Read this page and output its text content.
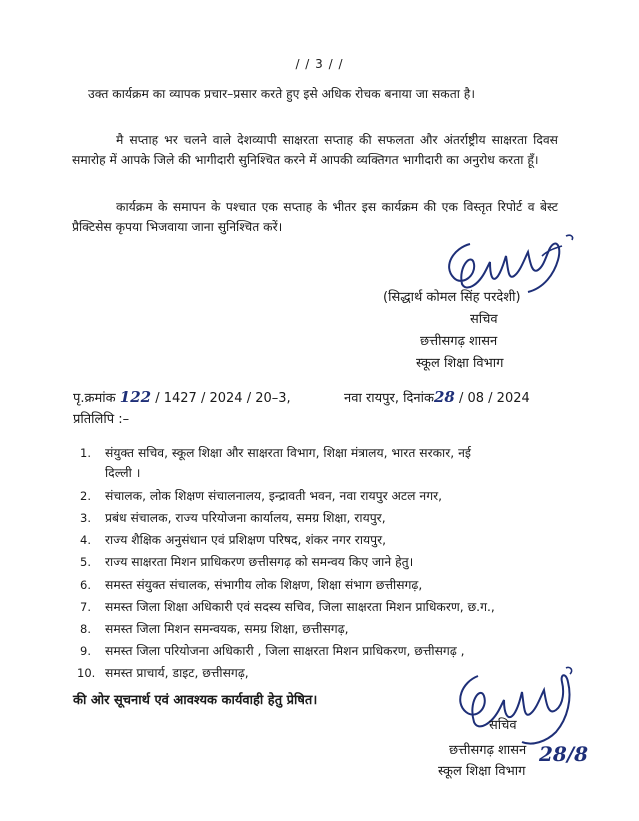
/ / 3 / /
उक्त कार्यक्रम का व्यापक प्रचार–प्रसार करते हुए इसे अधिक रोचक बनाया जा सकता है।
मै सप्ताह भर चलने वाले देशव्यापी साक्षरता सप्ताह की सफलता और अंतर्राष्ट्रीय साक्षरता दिवस समारोह में आपके जिले की भागीदारी सुनिश्चित करने में आपकी व्यक्तिगत भागीदारी का अनुरोध करता हूँ।
कार्यक्रम के समापन के पश्चात एक सप्ताह के भीतर इस कार्यक्रम की एक विस्तृत रिपोर्ट व बेस्ट प्रैक्टिसेस कृपया भिजवाया जाना सुनिश्चित करें।
(सिद्धार्थ कोमल सिंह परदेशी)
सचिव
छत्तीसगढ़ शासन
स्कूल शिक्षा विभाग
पृ.क्रमांक 122 / 1427 / 2024 / 20–3,	नवा रायपुर, दिनांक28 / 08 / 2024
प्रतिलिपि :–
1. संयुक्त सचिव, स्कूल शिक्षा और साक्षरता विभाग, शिक्षा मंत्रालय, भारत सरकार, नई
दिल्ली ।
2. संचालक, लोक शिक्षण संचालनालय, इन्द्रावती भवन, नवा रायपुर अटल नगर,
3. प्रबंध संचालक, राज्य परियोजना कार्यालय, समग्र शिक्षा, रायपुर,
4. राज्य शैक्षिक अनुसंधान एवं प्रशिक्षण परिषद, शंकर नगर रायपुर,
5. राज्य साक्षरता मिशन प्राधिकरण छत्तीसगढ़ को समन्वय किए जाने हेतु।
6. समस्त संयुक्त संचालक, संभागीय लोक शिक्षण, शिक्षा संभाग छत्तीसगढ़,
7. समस्त जिला शिक्षा अधिकारी एवं सदस्य सचिव, जिला साक्षरता मिशन प्राधिकरण, छ.ग.,
8. समस्त जिला मिशन समन्वयक, समग्र शिक्षा, छत्तीसगढ़,
9. समस्त जिला परियोजना अधिकारी , जिला साक्षरता मिशन प्राधिकरण, छत्तीसगढ़ ,
10. समस्त प्राचार्य, डाइट, छत्तीसगढ़,
की ओर सूचनार्थ एवं आवश्यक कार्यवाही हेतु प्रेषित।
सचिव
छत्तीसगढ़ शासन
स्कूल शिक्षा विभाग
28/8
